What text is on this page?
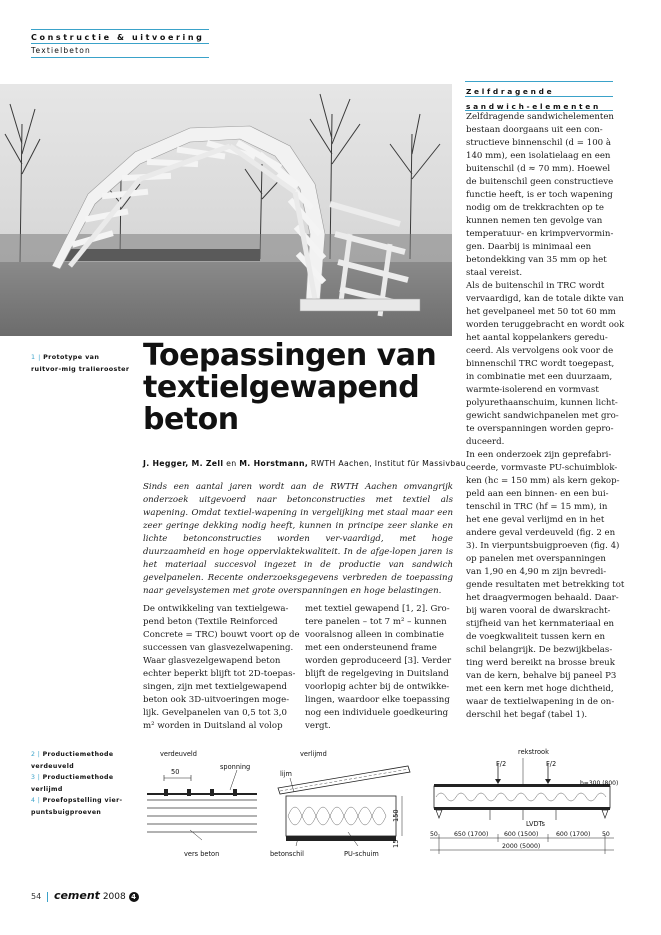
Constructie & uitvoering
Textielbeton
1 | Prototype van ruitvor-mig tralierooster Toepassingen van textielgewapend beton
J. Hegger, M. Zell en M. Horstmann, RWTH Aachen, Institut für Massivbau
Sinds een aantal jaren wordt aan de RWTH Aachen omvangrijk onderzoek uitgevoerd naar betonconstructies met textiel als wapening. Omdat textiel-wapening in vergelijking met staal maar een zeer geringe dekking nodig heeft, kunnen in principe zeer slanke en lichte betonconstructies worden ver-vaardigd, met hoge duurzaamheid en hoge oppervlaktekwaliteit. In de afge-lopen jaren is het materiaal succesvol ingezet in de productie van sandwich gevelpanelen. Recente onderzoeksgegevens verbreden de toepassing naar gevelsystemen met grote overspanningen en hoge belastingen.

De ontwikkeling van textielgewa-

pend beton (Textile Reinforced

Concrete = TRC) bouwt voort op de

successen van glasvezelwapening.

Waar glasvezelgewapend beton

echter beperkt blijft tot 2D-toepas-

singen, zijn met textielgewapend

beton ook 3D-uitvoeringen moge-

lijk. Gevelpanelen van 0,5 tot 3,0

m² worden in Duitsland al volop

met textiel gewapend [1, 2]. Gro-

tere panelen – tot 7 m² – kunnen

vooralsnog alleen in combinatie

met een ondersteunend frame

worden geproduceerd [3]. Verder

blijft de regelgeving in Duitsland

voorlopig achter bij de ontwikke-

lingen, waardoor elke toepassing

nog een individuele goedkeuring

vergt.

Zelfdragende sandwich-elementen

Zelfdragende sandwichelementen

bestaan doorgaans uit een con-

structieve binnenschil (d = 100 à

140 mm), een isolatielaag en een

buitenschil (d ≈ 70 mm). Hoewel

de buitenschil geen constructieve

functie heeft, is er toch wapening

nodig om de trekkrachten op te

kunnen nemen ten gevolge van

temperatuur- en krimpvervormin-

gen. Daarbij is minimaal een

betondekking van 35 mm op het

staal vereist.

Als de buitenschil in TRC wordt

vervaardigd, kan de totale dikte van

het gevelpaneel met 50 tot 60 mm

worden teruggebracht en wordt ook

het aantal koppelankers geredu-

ceerd. Als vervolgens ook voor de

binnenschil TRC wordt toegepast,

in combinatie met een duurzaam,

warmte-isolerend en vormvast

polyurethaanschuim, kunnen licht-

gewicht sandwichpanelen met gro-

te overspanningen worden gepro-

duceerd.

In een onderzoek zijn geprefabri-

ceerde, vormvaste PU-schuimblok-

ken (hc = 150 mm) als kern gekop-

peld aan een binnen- en een bui-

tenschil in TRC (hf = 15 mm), in

het ene geval verlijmd en in het

andere geval verdeuveld (fig. 2 en

3). In vierpuntsbuigproeven (fig. 4)

op panelen met overspanningen

van 1,90 en 4,90 m zijn bevredi-

gende resultaten met betrekking tot

het draagvermogen behaald. Daar-

bij waren vooral de dwarskracht-

stijfheid van het kernmateriaal en

de voegkwaliteit tussen kern en

schil belangrijk. De bezwijkbelas-

ting werd bereikt na brosse breuk

van de kern, behalve bij paneel P3

met een kern met hoge dichtheid,

waar de textielwapening in de on-

derschil het begaf (tabel 1).

2 | Productiemethode verdeuveld
3 | Productiemethode verlijmd
4 | Proefopstelling vier-puntsbuigproeven
verdeuveld
50
sponning
vers beton
verlijmd
lijm
betonschil	PU-schuim
150
15
rekstrook
F/2	F/2
b=300 (800)
LVDTs
50	650 (1700)	600 (1500)	600 (1700) 50
2000 (5000)
54 cement 2008 4
